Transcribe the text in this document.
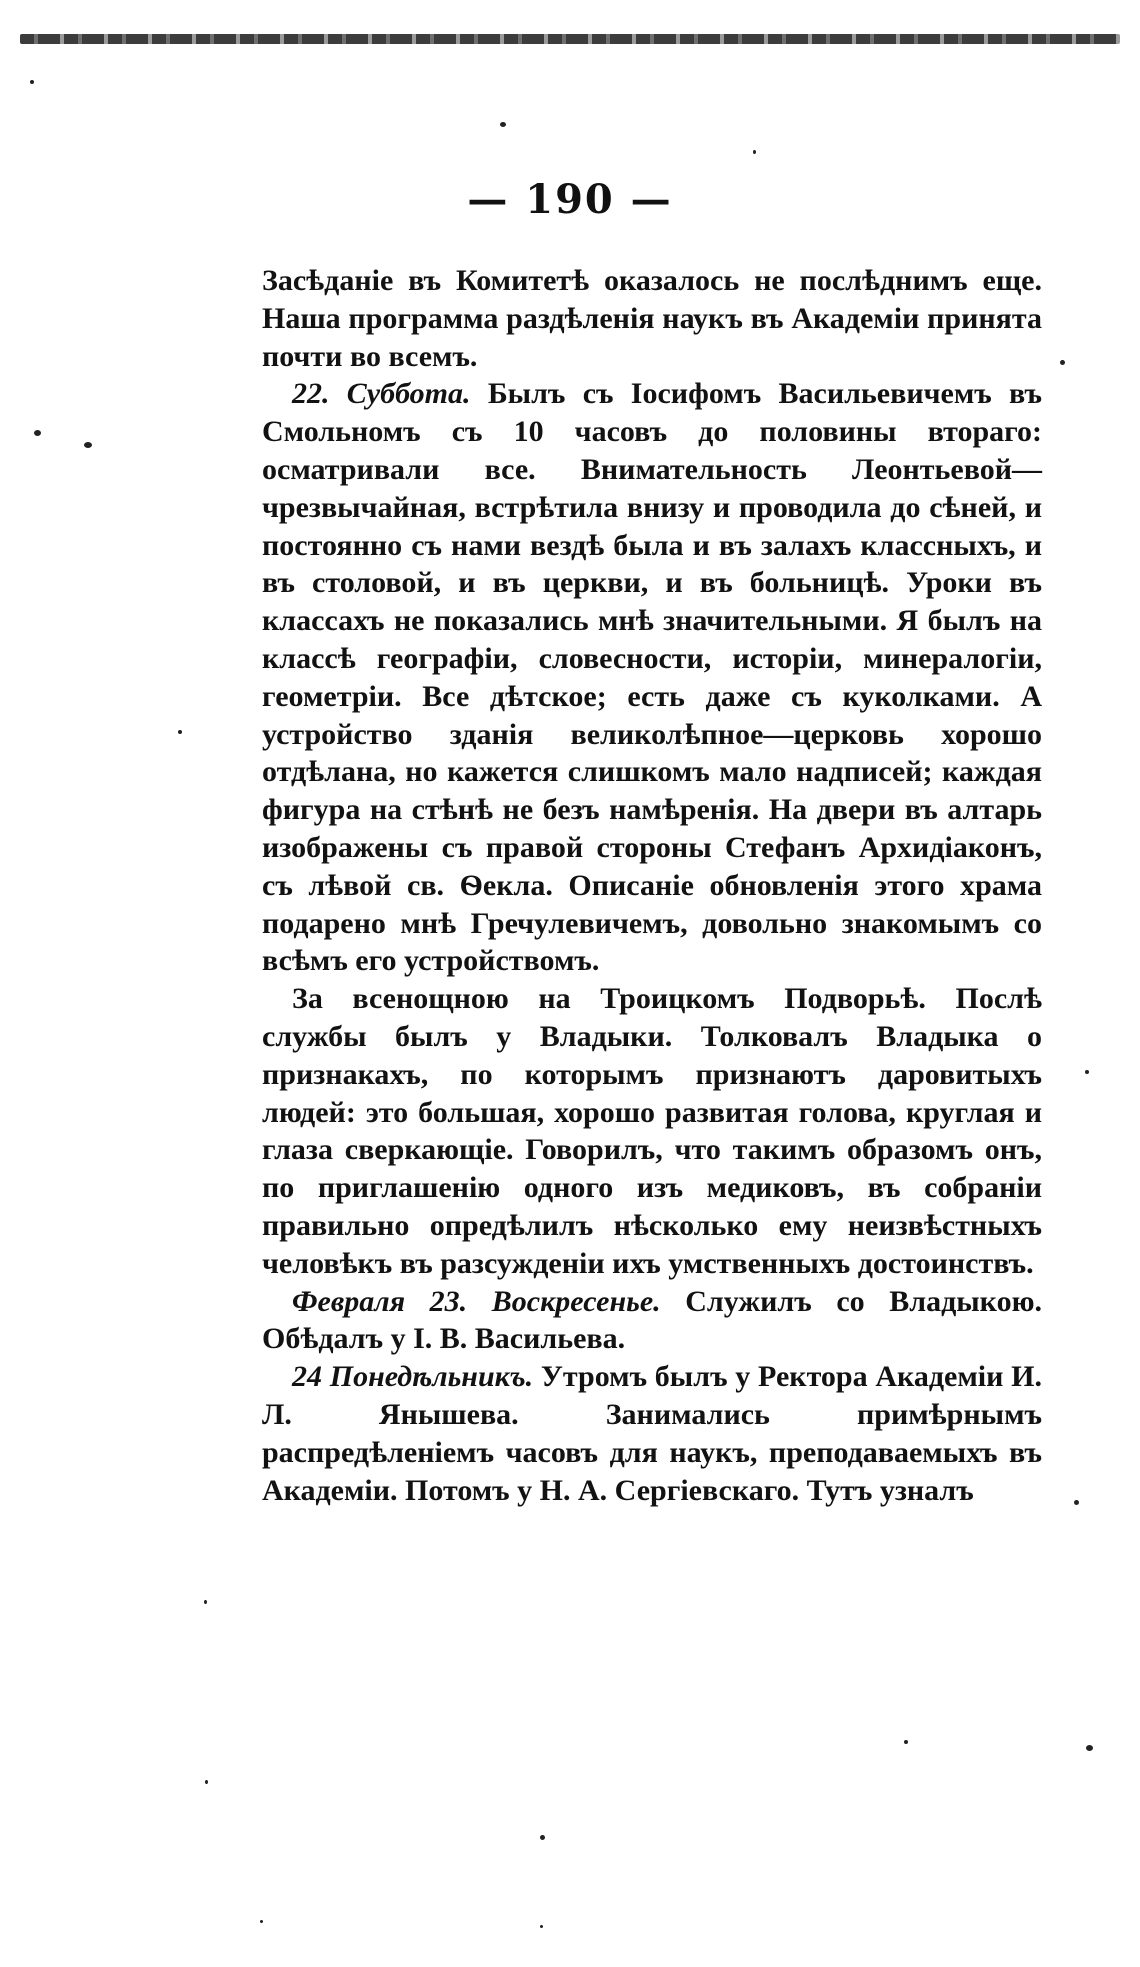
— 190 —

Засѣданіе въ Комитетѣ оказалось не послѣднимъ еще. Наша программа раздѣленія наукъ въ Академіи принята почти во всемъ.

22. Суббота. Былъ съ Іосифомъ Васильевичемъ въ Смольномъ съ 10 часовъ до половины втораго: осматривали все. Внимательность Леонтьевой—чрезвычайная, встрѣтила внизу и проводила до сѣней, и постоянно съ нами вездѣ была и въ залахъ классныхъ, и въ столовой, и въ церкви, и въ больницѣ. Уроки въ классахъ не показались мнѣ значительными. Я былъ на классѣ географіи, словесности, исторіи, минералогіи, геометріи. Все дѣтское; есть даже съ куколками. А устройство зданія великолѣпное—церковь хорошо отдѣлана, но кажется слишкомъ мало надписей; каждая фигура на стѣнѣ не безъ намѣренія. На двери въ алтарь изображены съ правой стороны Стефанъ Архидіаконъ, съ лѣвой св. Ѳекла. Описаніе обновленія этого храма подарено мнѣ Гречулевичемъ, довольно знакомымъ со всѣмъ его устройствомъ.

За всенощною на Троицкомъ Подворьѣ. Послѣ службы былъ у Владыки. Толковалъ Владыка о признакахъ, по которымъ признаютъ даровитыхъ людей: это большая, хорошо развитая голова, круглая и глаза сверкающіе. Говорилъ, что такимъ образомъ онъ, по приглашенію одного изъ медиковъ, въ собраніи правильно опредѣлилъ нѣсколько ему неизвѣстныхъ человѣкъ въ разсужденіи ихъ умственныхъ достоинствъ.

Февраля 23. Воскресенье. Служилъ со Владыкою. Обѣдалъ у І. В. Васильева.

24 Понедѣльникъ. Утромъ былъ у Ректора Академіи И. Л. Янышева. Занимались примѣрнымъ распредѣленіемъ часовъ для наукъ, преподаваемыхъ въ Академіи. Потомъ у Н. А. Сергіевскаго. Тутъ узналъ
